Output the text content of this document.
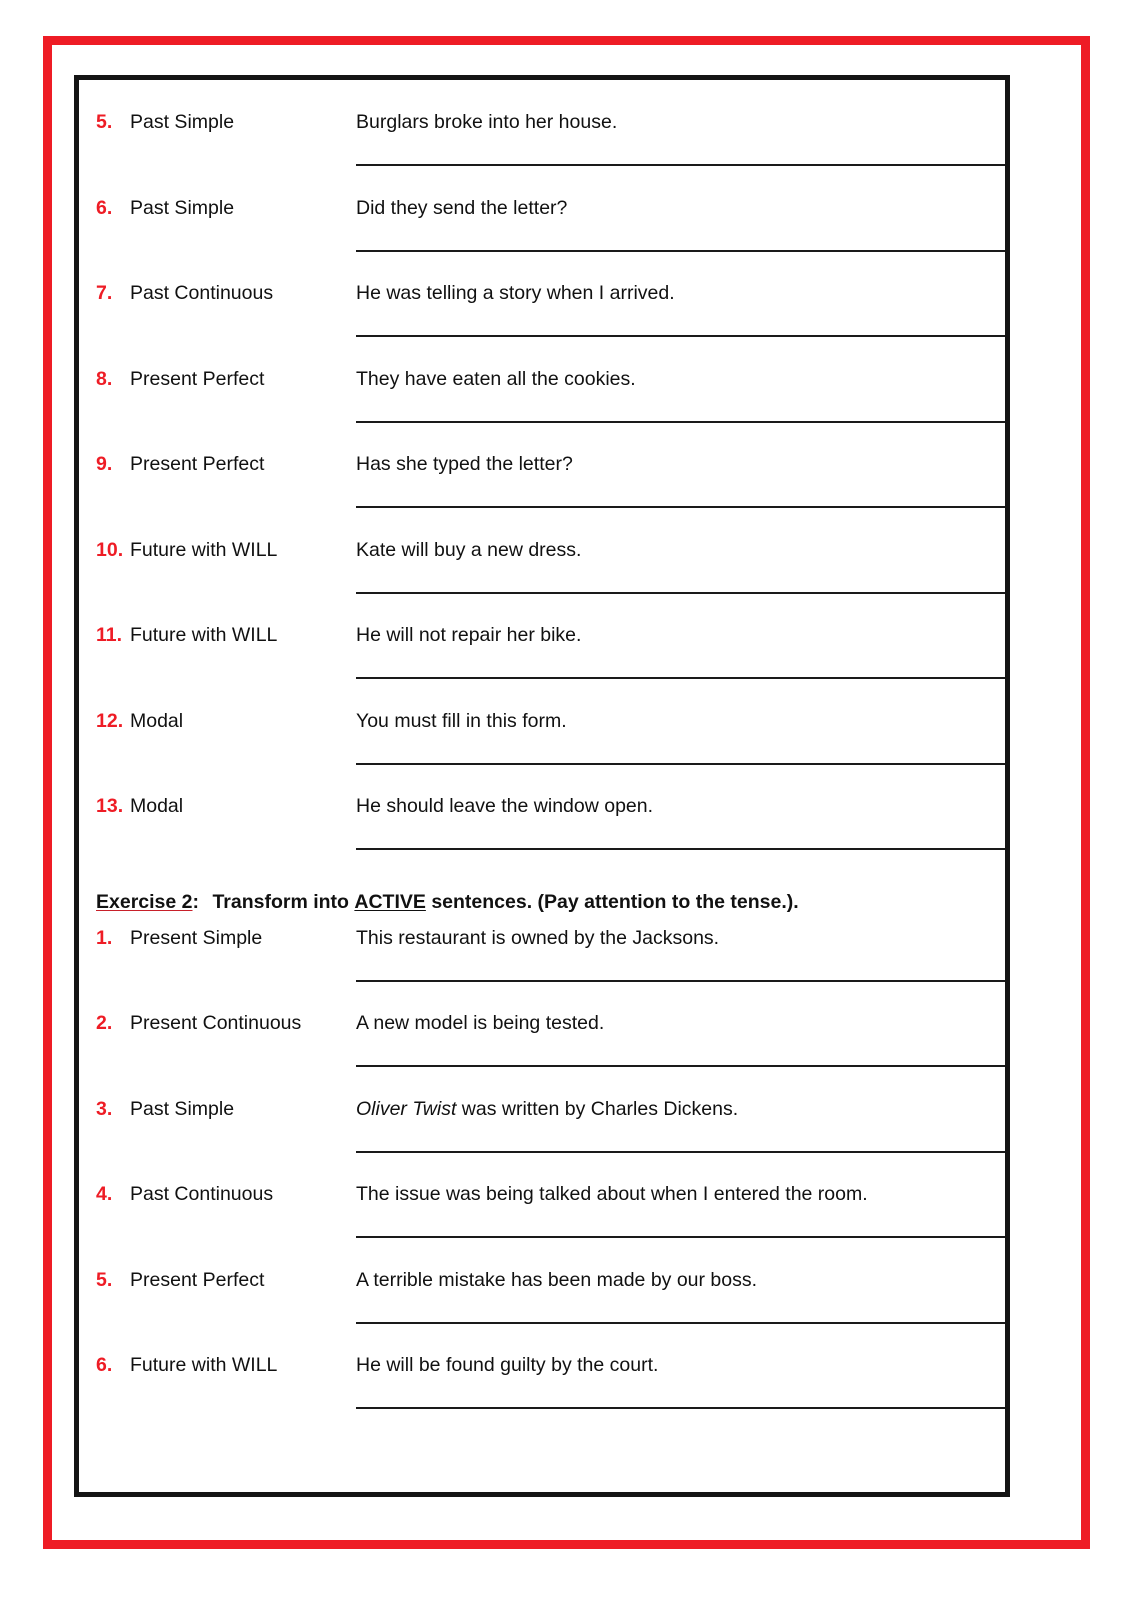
5. Past Simple	Burglars broke into her house.
6. Past Simple	Did they send the letter?
7. Past Continuous	He was telling a story when I arrived.
8. Present Perfect	They have eaten all the cookies.
9. Present Perfect	Has she typed the letter?
10. Future with WILL	Kate will buy a new dress.
11. Future with WILL	He will not repair her bike.
12. Modal	You must fill in this form.
13. Modal	He should leave the window open.
Exercise 2 :
Transform into
ACTIVE
sentences. (Pay attention to the tense.).
1. Present Simple	This restaurant is owned by the Jacksons.
2. Present Continuous	A new model is being tested.
3. Past Simple	Oliver Twist was written by Charles Dickens.
4. Past Continuous	The issue was being talked about when I entered the room.
5. Present Perfect	A terrible mistake has been made by our boss.
6. Future with WILL	He will be found guilty by the court.
